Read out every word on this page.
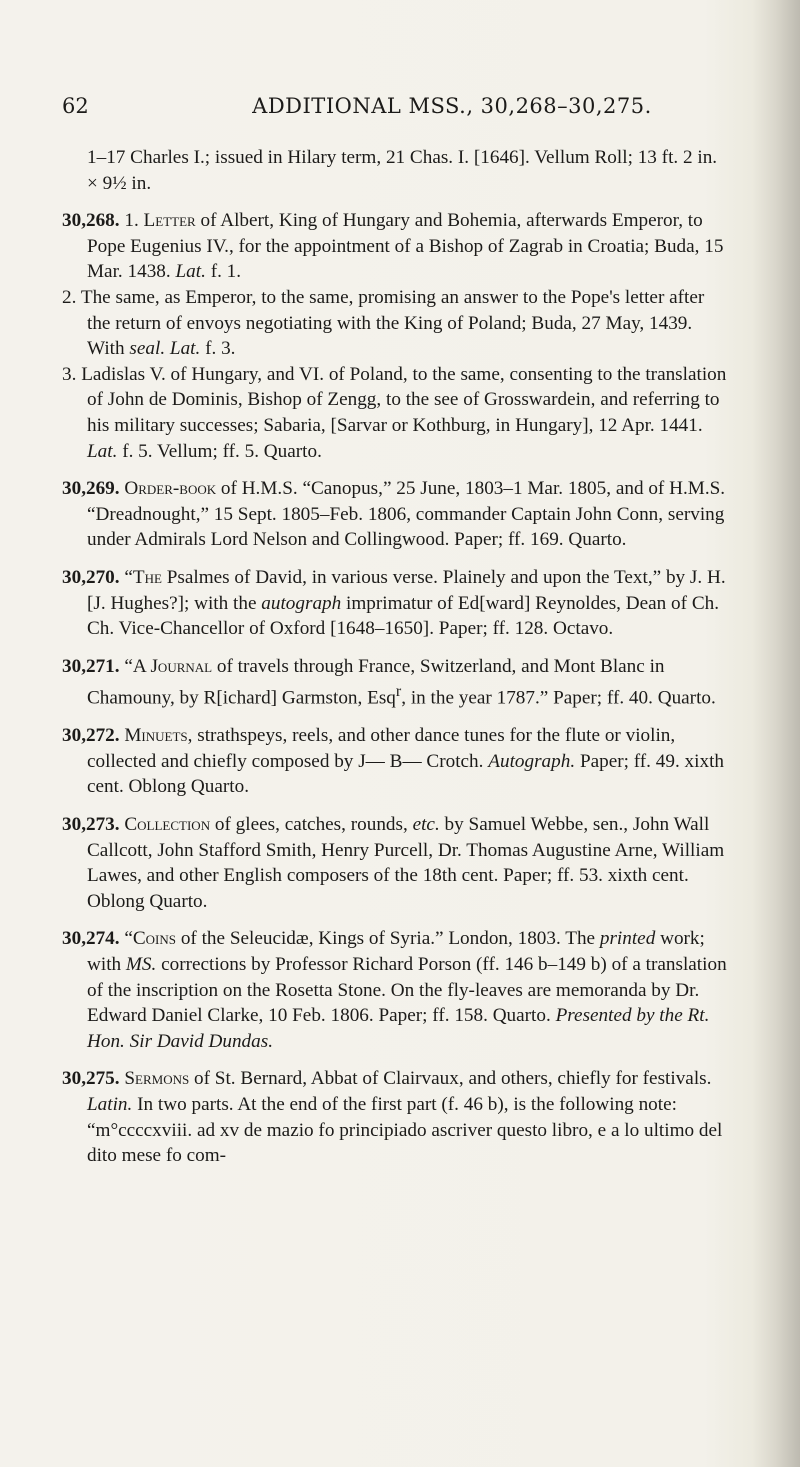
62	ADDITIONAL MSS., 30,268–30,275.

1–17 Charles I.; issued in Hilary term, 21 Chas. I. [1646]. Vellum Roll; 13 ft. 2 in. × 9½ in.

30,268. 1. Letter of Albert, King of Hungary and Bohemia, afterwards Emperor, to Pope Eugenius IV., for the appointment of a Bishop of Zagrab in Croatia; Buda, 15 Mar. 1438. Lat. f. 1.

2. The same, as Emperor, to the same, promising an answer to the Pope's letter after the return of envoys negotiating with the King of Poland; Buda, 27 May, 1439. With seal. Lat. f. 3.

3. Ladislas V. of Hungary, and VI. of Poland, to the same, consenting to the translation of John de Dominis, Bishop of Zengg, to the see of Grosswardein, and referring to his military successes; Sabaria, [Sarvar or Kothburg, in Hungary], 12 Apr. 1441. Lat. f. 5. Vellum; ff. 5. Quarto.

30,269. Order-book of H.M.S. “Canopus,” 25 June, 1803–1 Mar. 1805, and of H.M.S. “Dreadnought,” 15 Sept. 1805–Feb. 1806, commander Captain John Conn, serving under Admirals Lord Nelson and Collingwood. Paper; ff. 169. Quarto.

30,270. “The Psalmes of David, in various verse. Plainely and upon the Text,” by J. H. [J. Hughes?]; with the autograph imprimatur of Ed[ward] Reynoldes, Dean of Ch. Ch. Vice-Chancellor of Oxford [1648–1650]. Paper; ff. 128. Octavo.

30,271. “A Journal of travels through France, Switzerland, and Mont Blanc in Chamouny, by R[ichard] Garmston, Esq$^r$, in the year 1787.” Paper; ff. 40. Quarto.

30,272. Minuets, strathspeys, reels, and other dance tunes for the flute or violin, collected and chiefly composed by J— B— Crotch. Autograph. Paper; ff. 49. xixth cent. Oblong Quarto.

30,273. Collection of glees, catches, rounds, etc. by Samuel Webbe, sen., John Wall Callcott, John Stafford Smith, Henry Purcell, Dr. Thomas Augustine Arne, William Lawes, and other English composers of the 18th cent. Paper; ff. 53. xixth cent. Oblong Quarto.

30,274. “Coins of the Seleucidæ, Kings of Syria.” London, 1803. The printed work; with MS. corrections by Professor Richard Porson (ff. 146 b–149 b) of a translation of the inscription on the Rosetta Stone. On the fly-leaves are memoranda by Dr. Edward Daniel Clarke, 10 Feb. 1806. Paper; ff. 158. Quarto. Presented by the Rt. Hon. Sir David Dundas.

30,275. Sermons of St. Bernard, Abbat of Clairvaux, and others, chiefly for festivals. Latin. In two parts. At the end of the first part (f. 46 b), is the following note: “m°ccccxviii. ad xv de mazio fo principiado ascriver questo libro, e a lo ultimo del dito mese fo com-
